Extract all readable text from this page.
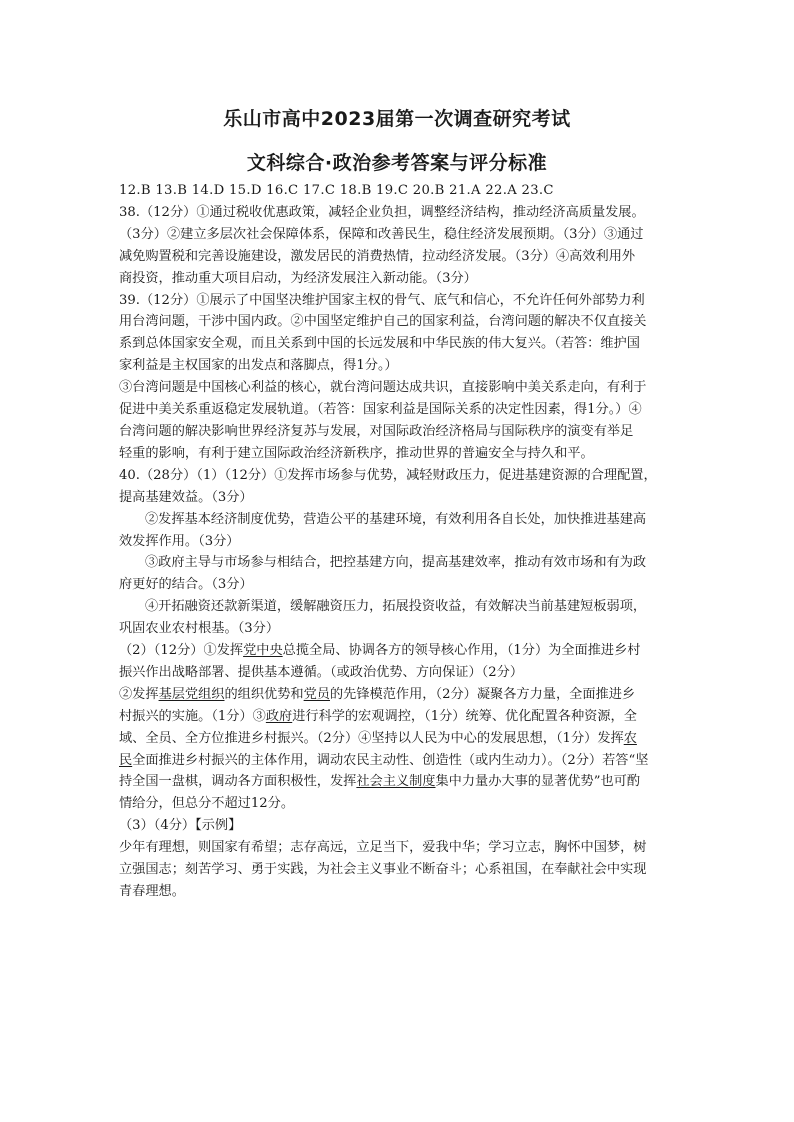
乐山市高中2023届第一次调查研究考试
文科综合·政治参考答案与评分标准
12.B 13.B 14.D 15.D 16.C 17.C 18.B 19.C 20.B 21.A 22.A 23.C
38.（12分）①通过税收优惠政策，减轻企业负担，调整经济结构，推动经济高质量发展。
（3分）②建立多层次社会保障体系，保障和改善民生，稳住经济发展预期。（3分）③通过
减免购置税和完善设施建设，激发居民的消费热情，拉动经济发展。（3分）④高效利用外
商投资，推动重大项目启动，为经济发展注入新动能。（3分）
39.（12分）①展示了中国坚决维护国家主权的骨气、底气和信心，不允许任何外部势力利
用台湾问题，干涉中国内政。②中国坚定维护自己的国家利益，台湾问题的解决不仅直接关
系到总体国家安全观，而且关系到中国的长远发展和中华民族的伟大复兴。（若答：维护国
家利益是主权国家的出发点和落脚点，得1分。）
③台湾问题是中国核心利益的核心，就台湾问题达成共识，直接影响中美关系走向，有利于
促进中美关系重返稳定发展轨道。（若答：国家利益是国际关系的决定性因素，得1分。）④
台湾问题的解决影响世界经济复苏与发展，对国际政治经济格局与国际秩序的演变有举足
轻重的影响，有利于建立国际政治经济新秩序，推动世界的普遍安全与持久和平。
40.（28分）（1）（12分）①发挥市场参与优势，减轻财政压力，促进基建资源的合理配置，
提高基建效益。（3分）
②发挥基本经济制度优势，营造公平的基建环境，有效利用各自长处，加快推进基建高
效发挥作用。（3分）
③政府主导与市场参与相结合，把控基建方向，提高基建效率，推动有效市场和有为政
府更好的结合。（3分）
④开拓融资还款新渠道，缓解融资压力，拓展投资收益，有效解决当前基建短板弱项，
巩固农业农村根基。（3分）
（2）（12分）①发挥党中央总揽全局、协调各方的领导核心作用，（1分）为全面推进乡村
振兴作出战略部署、提供基本遵循。（或政治优势、方向保证）（2分）
②发挥基层党组织的组织优势和党员的先锋模范作用，（2分）凝聚各方力量，全面推进乡
村振兴的实施。（1分）③政府进行科学的宏观调控，（1分）统筹、优化配置各种资源，全
域、全员、全方位推进乡村振兴。（2分）④坚持以人民为中心的发展思想，（1分）发挥农
民全面推进乡村振兴的主体作用，调动农民主动性、创造性（或内生动力）。（2分）若答“坚
持全国一盘棋，调动各方面积极性，发挥社会主义制度集中力量办大事的显著优势”也可酌
情给分，但总分不超过12分。
（3）（4分）【示例】
少年有理想，则国家有希望；志存高远，立足当下，爱我中华；学习立志，胸怀中国梦，树
立强国志；刻苦学习、勇于实践，为社会主义事业不断奋斗；心系祖国，在奉献社会中实现
青春理想。
